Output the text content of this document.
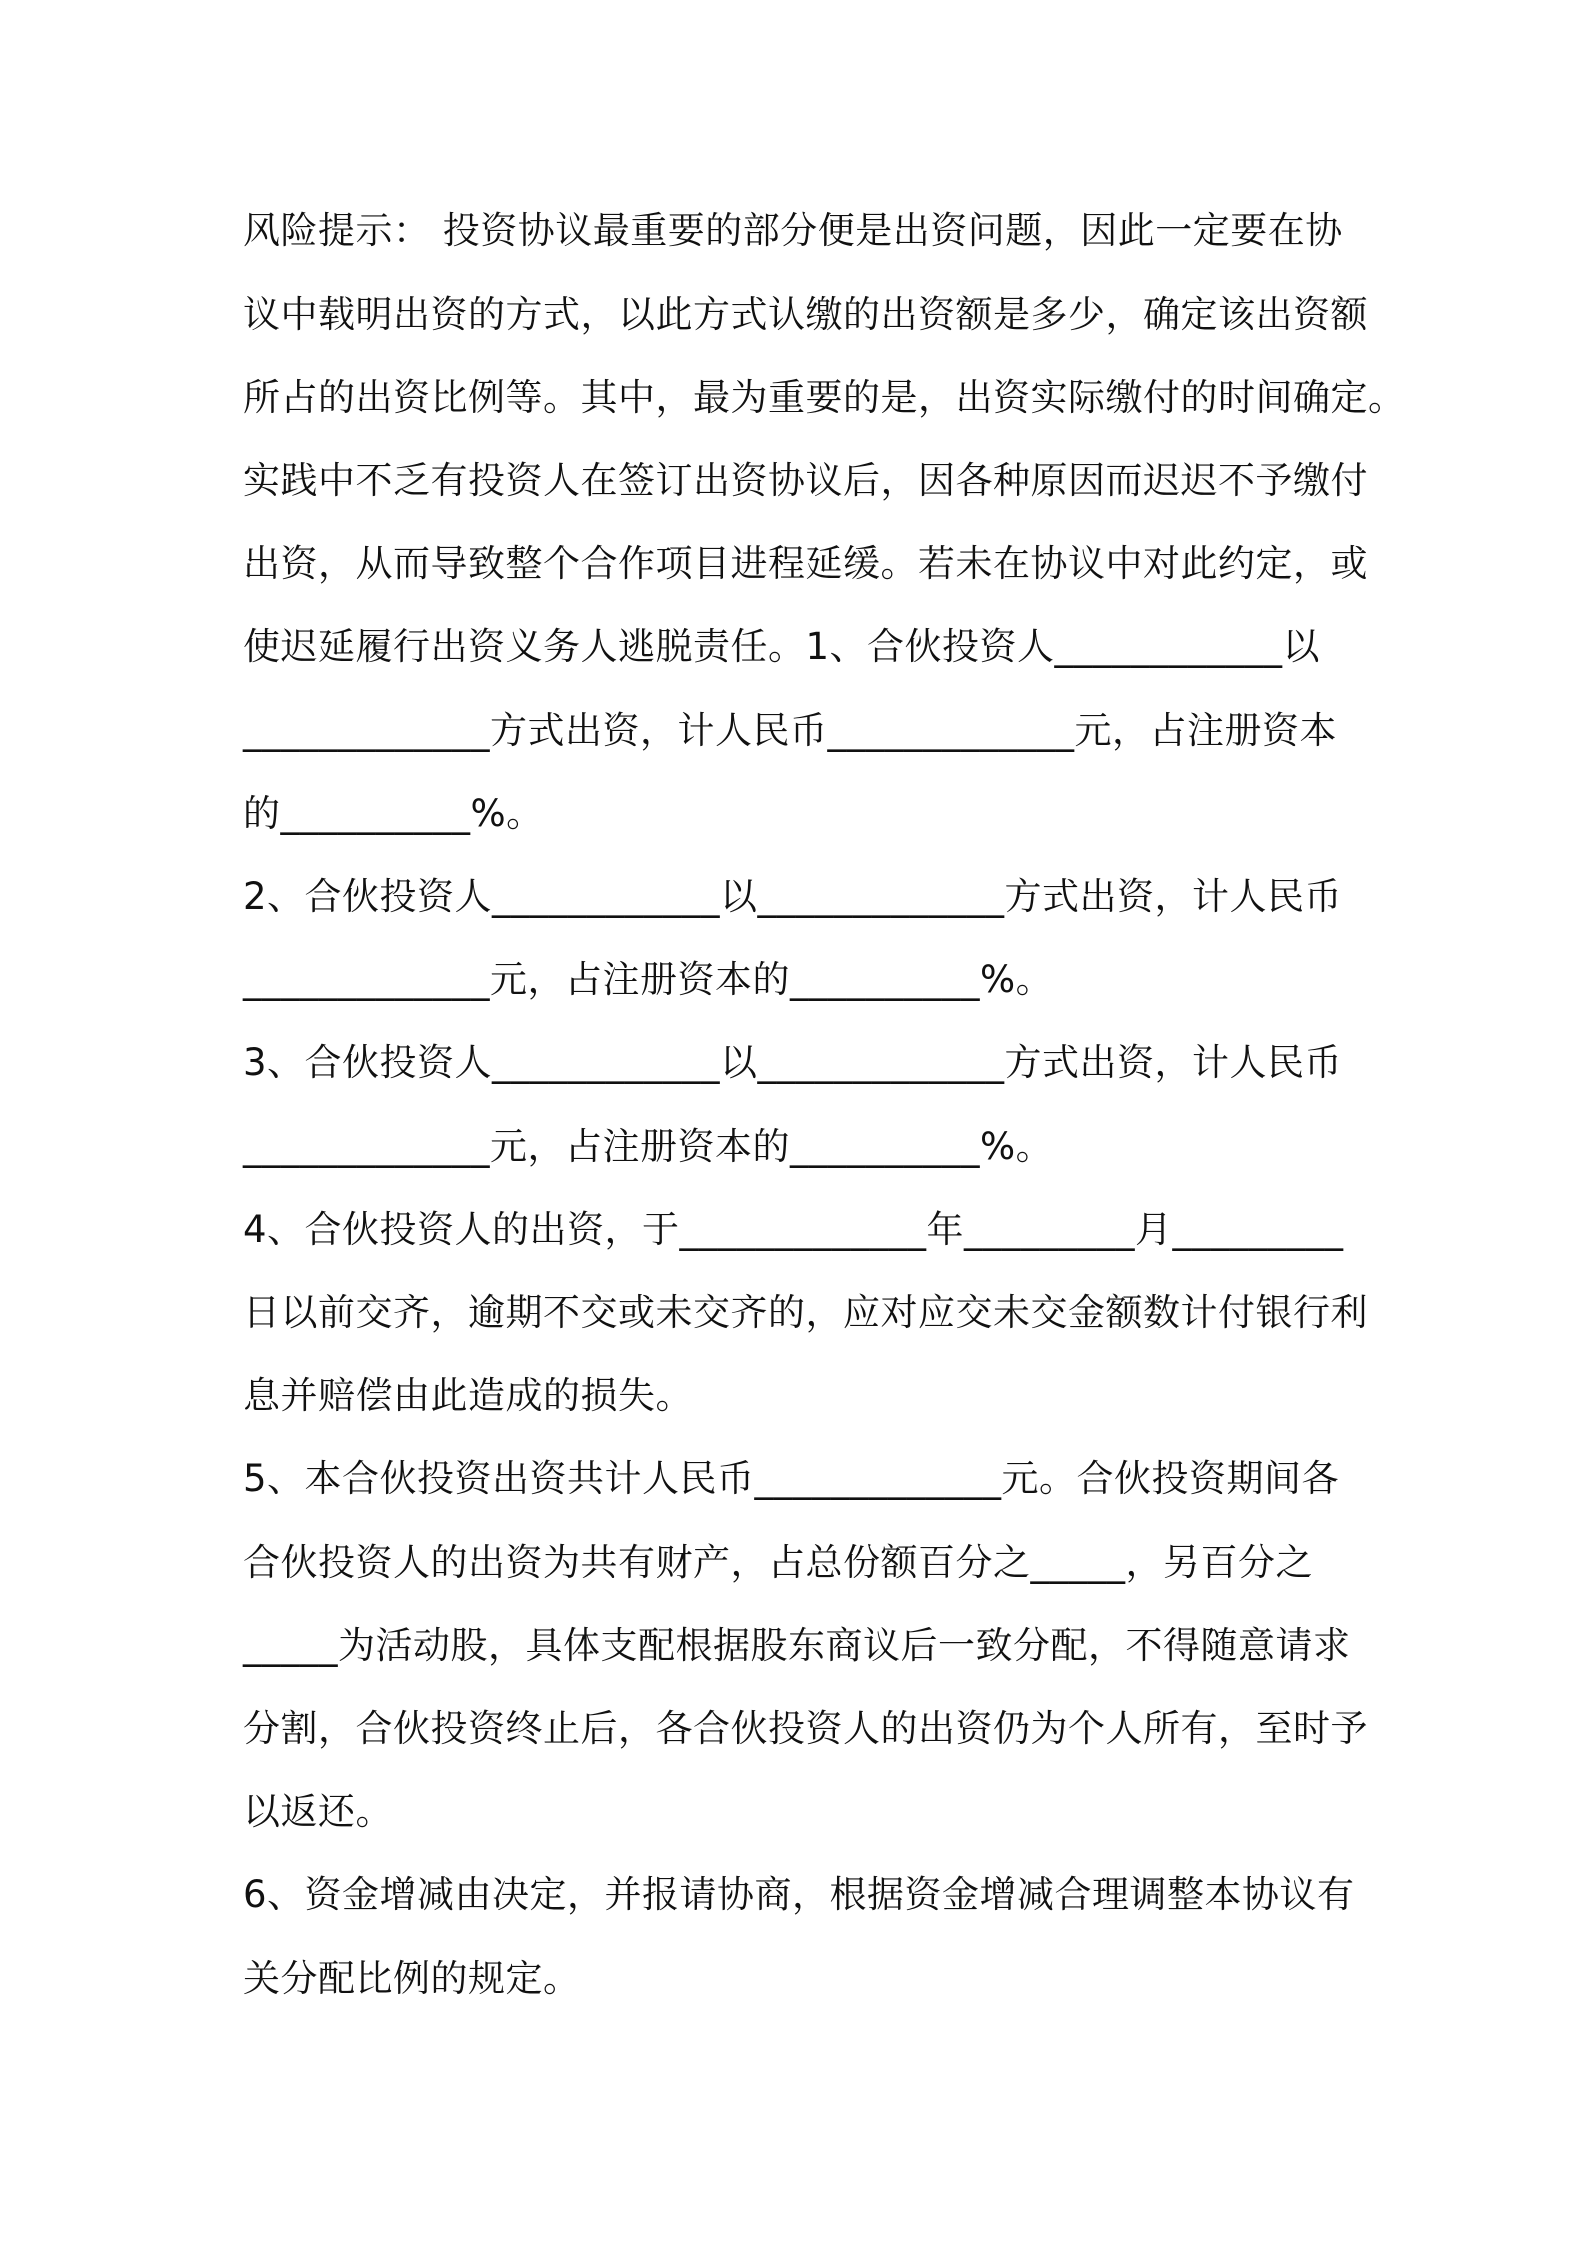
风险提示： 投资协议最重要的部分便是出资问题，因此一定要在协
议中载明出资的方式，以此方式认缴的出资额是多少，确定该出资额
所占的出资比例等。其中，最为重要的是，出资实际缴付的时间确定。
实践中不乏有投资人在签订出资协议后，因各种原因而迟迟不予缴付
出资，从而导致整个合作项目进程延缓。若未在协议中对此约定，或
使迟延履行出资义务人逃脱责任。1、合伙投资人____________以
_____________方式出资，计人民币_____________元，占注册资本
的__________%。
2、合伙投资人____________以_____________方式出资，计人民币
_____________元，占注册资本的__________%。
3、合伙投资人____________以_____________方式出资，计人民币
_____________元，占注册资本的__________%。
4、合伙投资人的出资，于_____________年_________月_________
日以前交齐，逾期不交或未交齐的，应对应交未交金额数计付银行利
息并赔偿由此造成的损失。
5、本合伙投资出资共计人民币_____________元。合伙投资期间各
合伙投资人的出资为共有财产，占总份额百分之_____，另百分之
_____为活动股，具体支配根据股东商议后一致分配，不得随意请求
分割，合伙投资终止后，各合伙投资人的出资仍为个人所有，至时予
以返还。
6、资金增减由决定，并报请协商，根据资金增减合理调整本协议有
关分配比例的规定。
